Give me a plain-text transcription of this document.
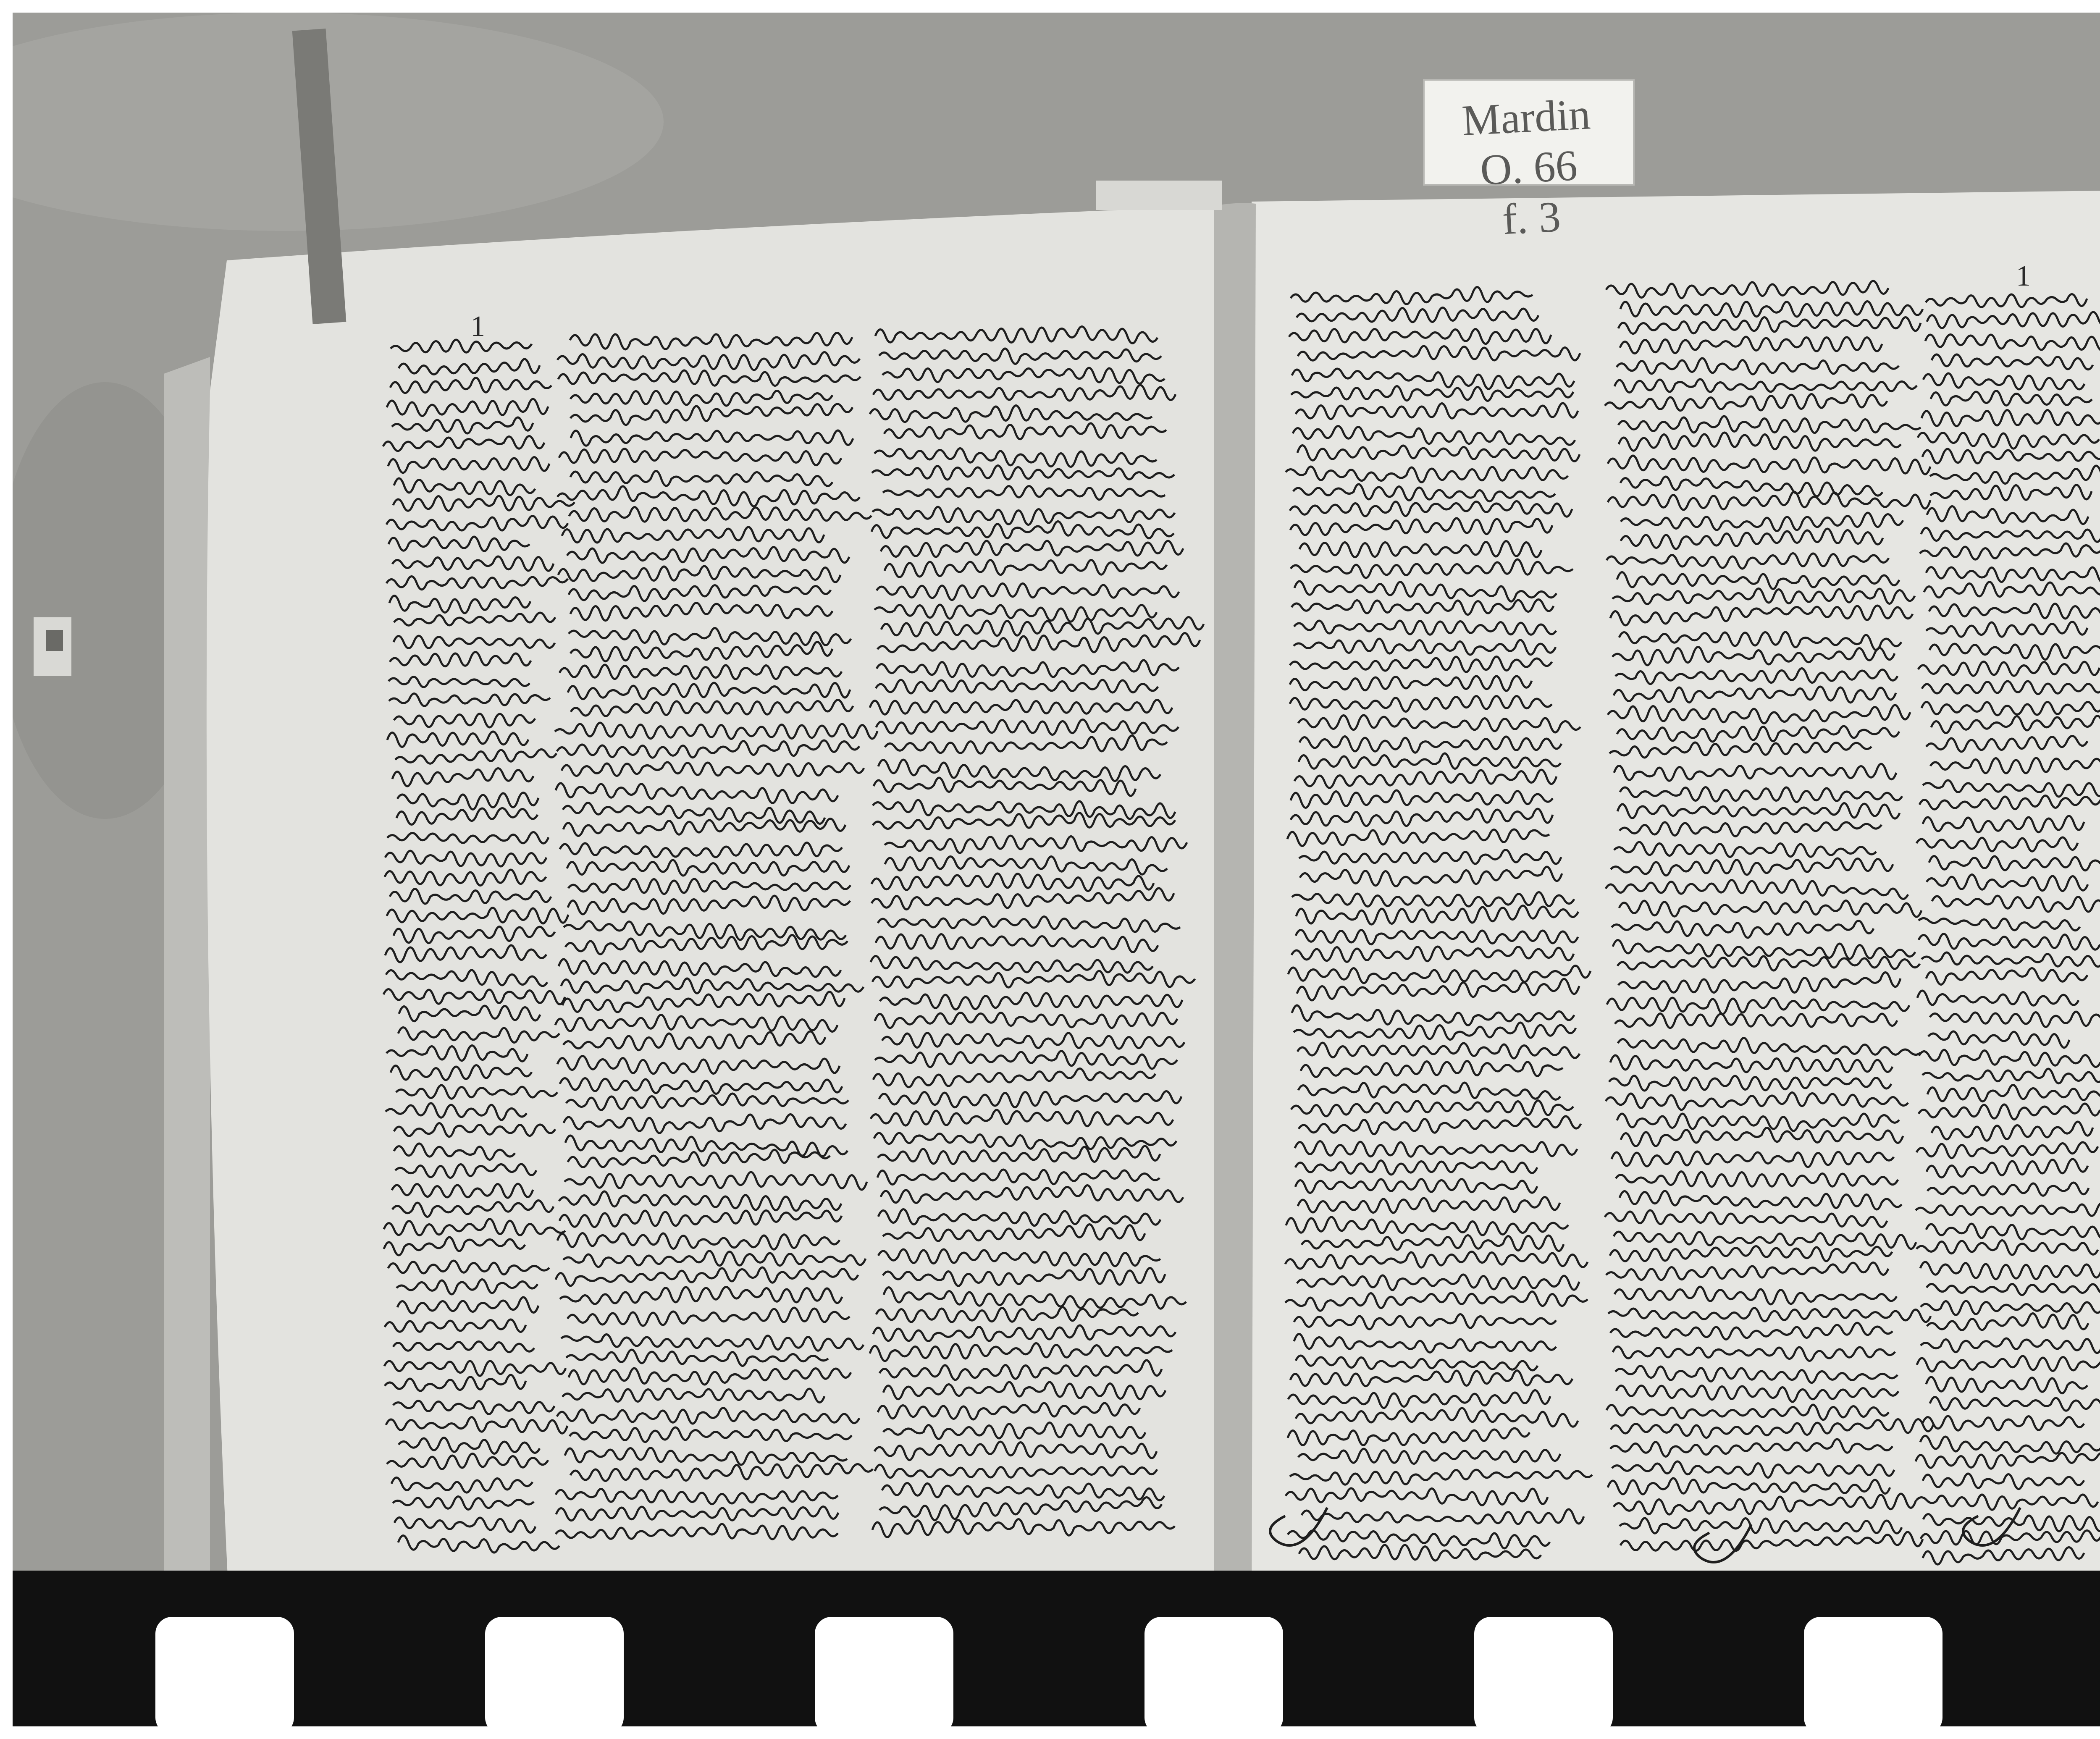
1
1
Mardin O. 66
f. 3
